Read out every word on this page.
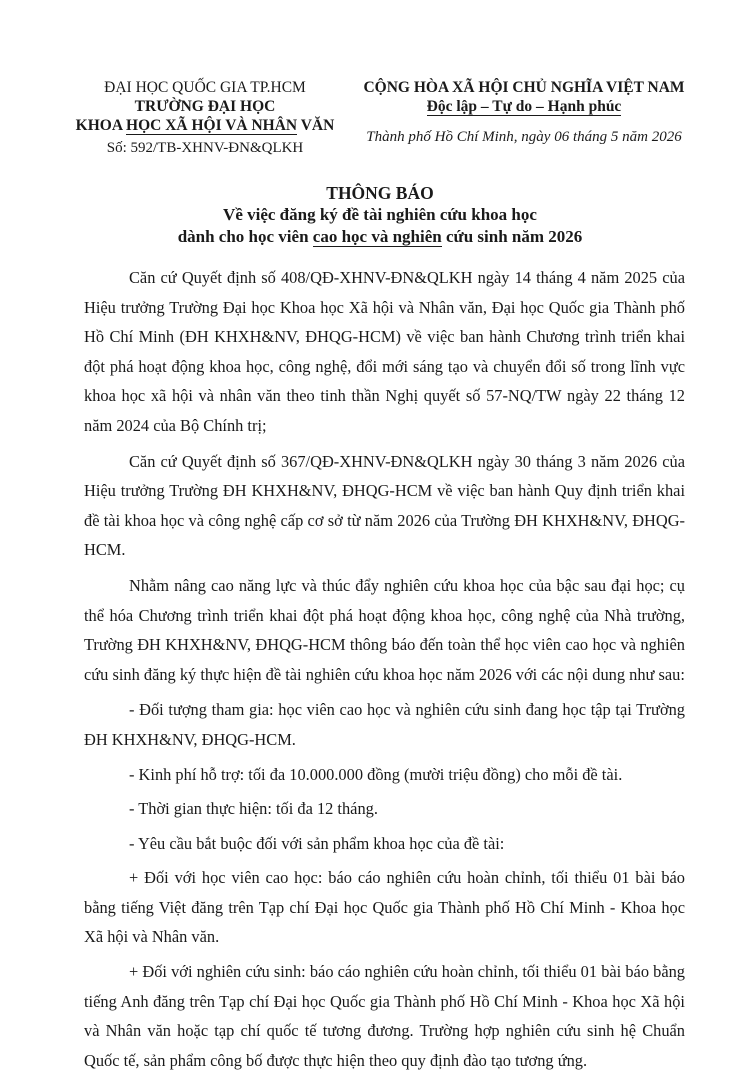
ĐẠI HỌC QUỐC GIA TP.HCM
TRƯỜNG ĐẠI HỌC
KHOA HỌC XÃ HỘI VÀ NHÂN VĂN
Số: 592/TB-XHNV-ĐN&QLKH
CỘNG HÒA XÃ HỘI CHỦ NGHĨA VIỆT NAM
Độc lập – Tự do – Hạnh phúc
Thành phố Hồ Chí Minh, ngày 06 tháng 5 năm 2026
THÔNG BÁO
Về việc đăng ký đề tài nghiên cứu khoa học
dành cho học viên cao học và nghiên cứu sinh năm 2026

Căn cứ Quyết định số 408/QĐ-XHNV-ĐN&QLKH ngày 14 tháng 4 năm 2025 của Hiệu trưởng Trường Đại học Khoa học Xã hội và Nhân văn, Đại học Quốc gia Thành phố Hồ Chí Minh (ĐH KHXH&NV, ĐHQG-HCM) về việc ban hành Chương trình triển khai đột phá hoạt động khoa học, công nghệ, đổi mới sáng tạo và chuyển đổi số trong lĩnh vực khoa học xã hội và nhân văn theo tinh thần Nghị quyết số 57-NQ/TW ngày 22 tháng 12 năm 2024 của Bộ Chính trị;

Căn cứ Quyết định số 367/QĐ-XHNV-ĐN&QLKH ngày 30 tháng 3 năm 2026 của Hiệu trưởng Trường ĐH KHXH&NV, ĐHQG-HCM về việc ban hành Quy định triển khai đề tài khoa học và công nghệ cấp cơ sở từ năm 2026 của Trường ĐH KHXH&NV, ĐHQG-HCM.

Nhằm nâng cao năng lực và thúc đẩy nghiên cứu khoa học của bậc sau đại học; cụ thể hóa Chương trình triển khai đột phá hoạt động khoa học, công nghệ của Nhà trường, Trường ĐH KHXH&NV, ĐHQG-HCM thông báo đến toàn thể học viên cao học và nghiên cứu sinh đăng ký thực hiện đề tài nghiên cứu khoa học năm 2026 với các nội dung như sau:

- Đối tượng tham gia: học viên cao học và nghiên cứu sinh đang học tập tại Trường ĐH KHXH&NV, ĐHQG-HCM.

- Kinh phí hỗ trợ: tối đa 10.000.000 đồng (mười triệu đồng) cho mỗi đề tài.

- Thời gian thực hiện: tối đa 12 tháng.

- Yêu cầu bắt buộc đối với sản phẩm khoa học của đề tài:

+ Đối với học viên cao học: báo cáo nghiên cứu hoàn chỉnh, tối thiểu 01 bài báo bằng tiếng Việt đăng trên Tạp chí Đại học Quốc gia Thành phố Hồ Chí Minh - Khoa học Xã hội và Nhân văn.

+ Đối với nghiên cứu sinh: báo cáo nghiên cứu hoàn chỉnh, tối thiểu 01 bài báo bằng tiếng Anh đăng trên Tạp chí Đại học Quốc gia Thành phố Hồ Chí Minh - Khoa học Xã hội và Nhân văn hoặc tạp chí quốc tế tương đương. Trường hợp nghiên cứu sinh hệ Chuẩn Quốc tế, sản phẩm công bố được thực hiện theo quy định đào tạo tương ứng.
